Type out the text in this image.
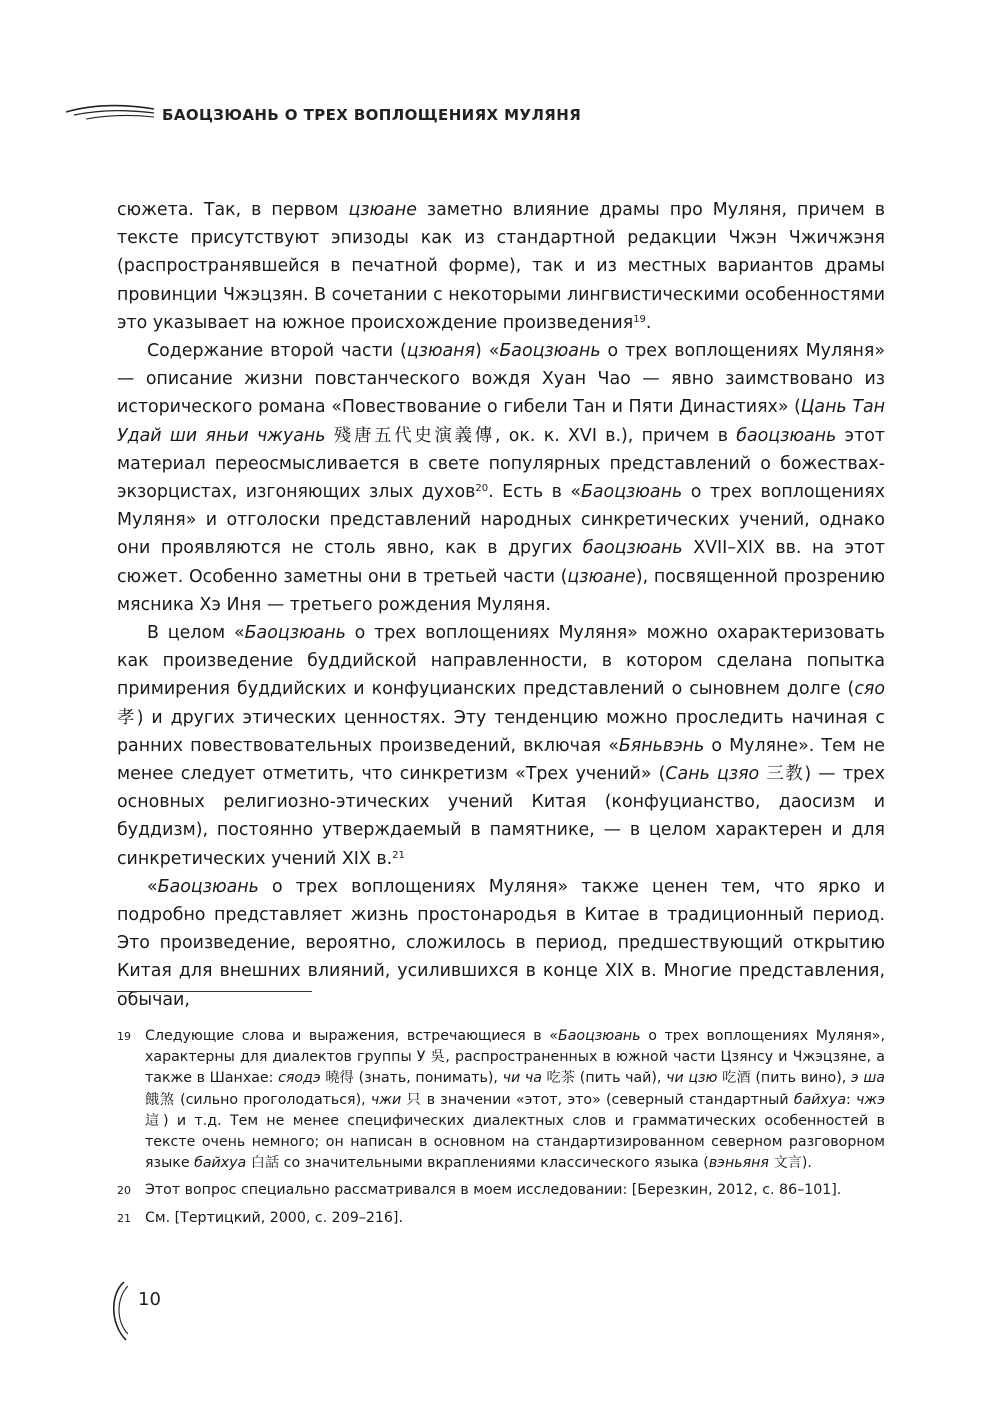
БАОЦЗЮАНЬ О ТРЕХ ВОПЛОЩЕНИЯХ МУЛЯНЯ

сюжета. Так, в первом цзюане заметно влияние драмы про Муляня, причем в тексте присутствуют эпизоды как из стандартной редакции Чжэн Чжичжэня (распространявшейся в печатной форме), так и из местных вариантов драмы провинции Чжэцзян. В сочетании с некоторыми лингвистическими особенностями это указывает на южное происхождение произведения$^{19}$.

Содержание второй части (цзюаня) «Баоцзюань о трех воплощениях Муляня» — описание жизни повстанческого вождя Хуан Чао — явно заимствовано из исторического романа «Повествование о гибели Тан и Пяти Династиях» (Цань Тан Удай ши яньи чжуань 殘唐五代史演義傳, ок. к. XVI в.), причем в баоцзюань этот материал переосмысливается в свете популярных представлений о божествах-экзорцистах, изгоняющих злых духов$^{20}$. Есть в «Баоцзюань о трех воплощениях Муляня» и отголоски представлений народных синкретических учений, однако они проявляются не столь явно, как в других баоцзюань XVII–XIX вв. на этот сюжет. Особенно заметны они в третьей части (цзюане), посвященной прозрению мясника Хэ Иня — третьего рождения Муляня.

В целом «Баоцзюань о трех воплощениях Муляня» можно охарактеризовать как произведение буддийской направленности, в котором сделана попытка примирения буддийских и конфуцианских представлений о сыновнем долге (сяо 孝) и других этических ценностях. Эту тенденцию можно проследить начиная с ранних повествовательных произведений, включая «Бяньвэнь о Муляне». Тем не менее следует отметить, что синкретизм «Трех учений» (Сань цзяо 三教) — трех основных религиозно-этических учений Китая (конфуцианство, даосизм и буддизм), постоянно утверждаемый в памятнике, — в целом характерен и для синкретических учений XIX в.$^{21}$

«Баоцзюань о трех воплощениях Муляня» также ценен тем, что ярко и подробно представляет жизнь простонародья в Китае в традиционный период. Это произведение, вероятно, сложилось в период, предшествующий открытию Китая для внешних влияний, усилившихся в конце XIX в. Многие представления, обычаи,

19 Следующие слова и выражения, встречающиеся в «Баоцзюань о трех воплощениях Муляня», характерны для диалектов группы У 吳, распространенных в южной части Цзянсу и Чжэцзяне, а также в Шанхае: сяодэ 曉得 (знать, понимать), чи ча 吃茶 (пить чай), чи цзю 吃酒 (пить вино), э ша 餓煞 (сильно проголодаться), чжи 只 в значении «этот, это» (северный стандартный байхуа: чжэ 這) и т.д. Тем не менее специфических диалектных слов и грамматических особенностей в тексте очень немного; он написан в основном на стандартизированном северном разговорном языке байхуа 白話 со значительными вкраплениями классического языка (вэньяня 文言).
20 Этот вопрос специально рассматривался в моем исследовании: [Березкин, 2012, с. 86–101].
21 См. [Тертицкий, 2000, с. 209–216].
10
